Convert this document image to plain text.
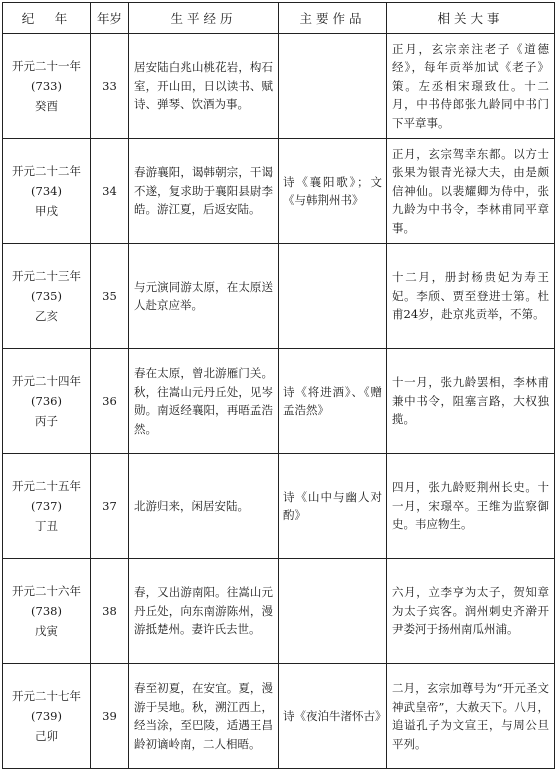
纪　年	年岁	生平经历	主要作品	相关大事

开元二十一年
(733)
癸酉	33	居安陆白兆山桃花岩，构石室，开山田，日以读书、赋诗、弹琴、饮酒为事。		正月，玄宗亲注老子《道德经》，每年贡举加试《老子》策。左丞相宋璟致仕。十二月，中书侍郎张九龄同中书门下平章事。

开元二十二年
(734)
甲戌	34	春游襄阳，谒韩朝宗，干谒不遂，复求助于襄阳县尉李皓。游江夏，后返安陆。	诗《襄阳歌》；文《与韩荆州书》	正月，玄宗驾幸东都。以方士张果为银青光禄大夫，由是颇信神仙。以裴耀卿为侍中，张九龄为中书令，李林甫同平章事。

开元二十三年
(735)
乙亥	35	与元演同游太原，在太原送人赴京应举。		十二月，册封杨贵妃为寿王妃。李颀、贾至登进士第。杜甫24岁，赴京兆贡举，不第。

开元二十四年
(736)
丙子	36	春在太原，曾北游雁门关。秋，往嵩山元丹丘处，见岑勋。南返经襄阳，再晤孟浩然。	诗《将进酒》、《赠孟浩然》	十一月，张九龄罢相，李林甫兼中书令，阻塞言路，大权独揽。

开元二十五年
(737)
丁丑	37	北游归来，闲居安陆。	诗《山中与幽人对酌》	四月，张九龄贬荆州长史。十一月，宋璟卒。王维为监察御史。韦应物生。

开元二十六年
(738)
戊寅	38	春，又出游南阳。往嵩山元丹丘处，向东南游陈州，漫游抵楚州。妻许氏去世。		六月，立李亨为太子，贺知章为太子宾客。润州刺史齐澣开尹娄河于扬州南瓜州浦。

开元二十七年
(739)
己卯	39	春至初夏，在安宜。夏，漫游于吴地。秋，溯江西上，经当涂，至巴陵，适遇王昌龄初谪岭南，二人相晤。	诗《夜泊牛渚怀古》	二月，玄宗加尊号为“开元圣文神武皇帝”，大赦天下。八月，追谥孔子为文宣王，与周公旦平列。
